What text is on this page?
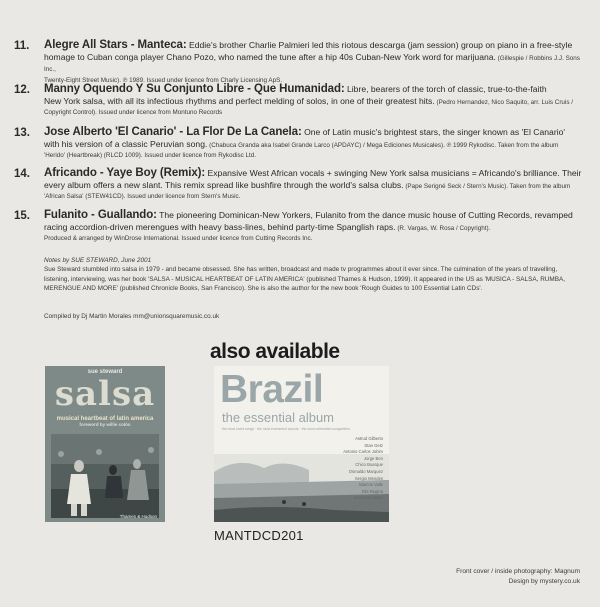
11.	Alegre All Stars - Manteca: Eddie's brother Charlie Palmieri led this riotous descarga (jam session) group on piano in a free-style
homage to Cuban conga player Chano Pozo, who named the tune after a hip 40s Cuban-New York word for marijuana. (Gillespie / Robbins J.J. Sons Inc.,
Twenty-Eight Street Music). ℗ 1989. Issued under licence from Charly Licensing ApS.
12.	Manny Oquendo Y Su Conjunto Libre - Que Humanidad: Libre, bearers of the torch of classic, true-to-the-faith
New York salsa, with all its infectious rhythms and perfect melding of solos, in one of their greatest hits. (Pedro Hernandez, Nico Saquito, arr. Luis Cruis /
Copyright Control). Issued under licence from Montuno Records
13.	Jose Alberto 'El Canario' - La Flor De La Canela: One of Latin music's brightest stars, the singer known as 'El Canario'
with his version of a classic Peruvian song. (Chabuca Granda aka Isabel Grande Larco (APDAYC) / Mega Ediciones Musicales). ℗ 1999 Rykodisc. Taken from the album
'Herido' (Heartbreak) (RLCD 1009). Issued under licence from Rykodisc Ltd.
14.	Africando - Yaye Boy (Remix): Expansive West African vocals + swinging New York salsa musicians = Africando's brilliance. Their
every album offers a new slant. This remix spread like bushfire through the world's salsa clubs. (Pape Serigné Seck / Stern's Music). Taken from the album
'African Salsa' (STEW41CD). Issued under licence from Stern's Music.
15.	Fulanito - Guallando: The pioneering Dominican-New Yorkers, Fulanito from the dance music house of Cutting Records, revamped
racing accordion-driven merengues with heavy bass-lines, behind party-time Spanglish raps. (R. Vargas, W. Rosa / Copyright).
Produced & arranged by WinDrose International. Issued under licence from Cutting Records Inc.
Notes by SUE STEWARD, June 2001
Sue Steward stumbled into salsa in 1979 - and became obsessed. She has written, broadcast and made tv programmes about it ever since. The culmination of the years of travelling,
listening, interviewing, was her book 'SALSA - MUSICAL HEARTBEAT OF LATIN AMERICA' (published Thames & Hudson, 1999). It appeared in the US as 'MUSICA - SALSA, RUMBA,
MERENGUE AND MORE' (published Chronicle Books, San Francisco). She is also the author for the new book 'Rough Guides to 100 Essential Latin CDs'.
Compiled by Dj Martin Morales mm@unionsquaremusic.co.uk
also available
sue steward
salsa
musical heartbeat of latin america
foreword by willie colón
Thames & Hudson
Brazil
the essential album
the most loved songs · the most enchanted sounds · the most celebrated songwriters
Astrud Gilberto
Stan Getz
Antonio Carlos Jobim
Jorge Ben
Chico Buarque
Osmaldo Marquez
Sergio Mendes
Marcos Valle
Elis Regina
and many more
MANTDCD201
Front cover / inside photography: Magnum
Design by mystery.co.uk
